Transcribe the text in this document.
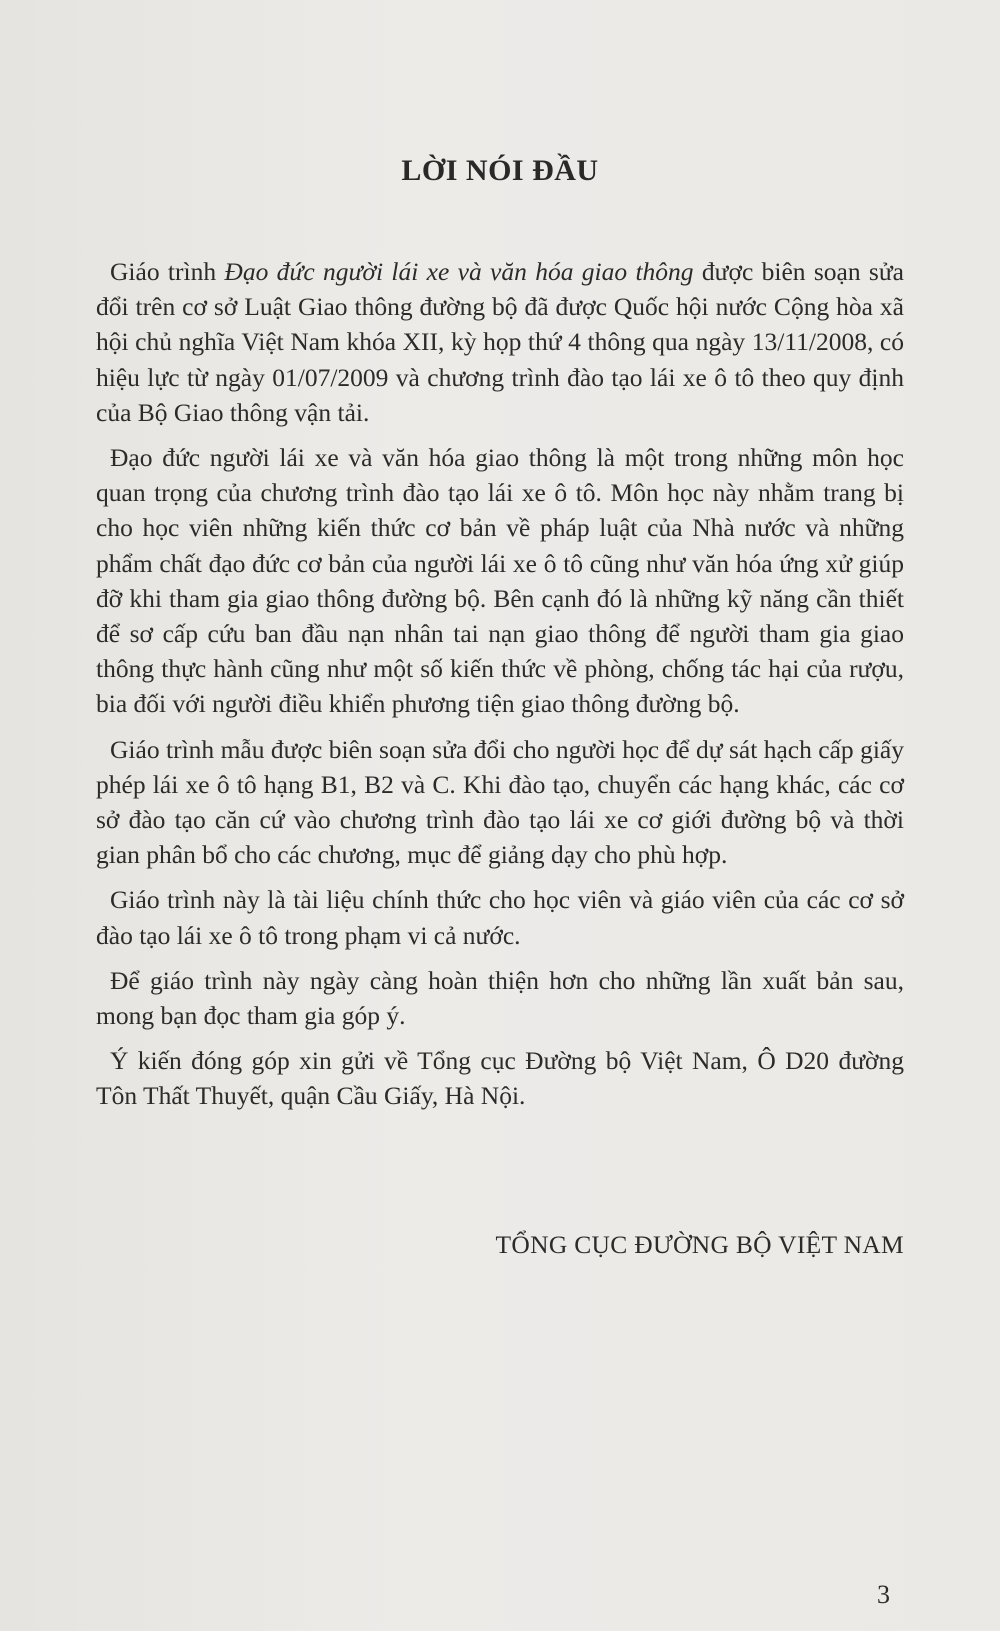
LỜI NÓI ĐẦU

Giáo trình Đạo đức người lái xe và văn hóa giao thông được biên soạn sửa đổi trên cơ sở Luật Giao thông đường bộ đã được Quốc hội nước Cộng hòa xã hội chủ nghĩa Việt Nam khóa XII, kỳ họp thứ 4 thông qua ngày 13/11/2008, có hiệu lực từ ngày 01/07/2009 và chương trình đào tạo lái xe ô tô theo quy định của Bộ Giao thông vận tải.

Đạo đức người lái xe và văn hóa giao thông là một trong những môn học quan trọng của chương trình đào tạo lái xe ô tô. Môn học này nhằm trang bị cho học viên những kiến thức cơ bản về pháp luật của Nhà nước và những phẩm chất đạo đức cơ bản của người lái xe ô tô cũng như văn hóa ứng xử giúp đỡ khi tham gia giao thông đường bộ. Bên cạnh đó là những kỹ năng cần thiết để sơ cấp cứu ban đầu nạn nhân tai nạn giao thông để người tham gia giao thông thực hành cũng như một số kiến thức về phòng, chống tác hại của rượu, bia đối với người điều khiển phương tiện giao thông đường bộ.

Giáo trình mẫu được biên soạn sửa đổi cho người học để dự sát hạch cấp giấy phép lái xe ô tô hạng B1, B2 và C. Khi đào tạo, chuyển các hạng khác, các cơ sở đào tạo căn cứ vào chương trình đào tạo lái xe cơ giới đường bộ và thời gian phân bổ cho các chương, mục để giảng dạy cho phù hợp.

Giáo trình này là tài liệu chính thức cho học viên và giáo viên của các cơ sở đào tạo lái xe ô tô trong phạm vi cả nước.

Để giáo trình này ngày càng hoàn thiện hơn cho những lần xuất bản sau, mong bạn đọc tham gia góp ý.

Ý kiến đóng góp xin gửi về Tổng cục Đường bộ Việt Nam, Ô D20 đường Tôn Thất Thuyết, quận Cầu Giấy, Hà Nội.

TỔNG CỤC ĐƯỜNG BỘ VIỆT NAM
3
